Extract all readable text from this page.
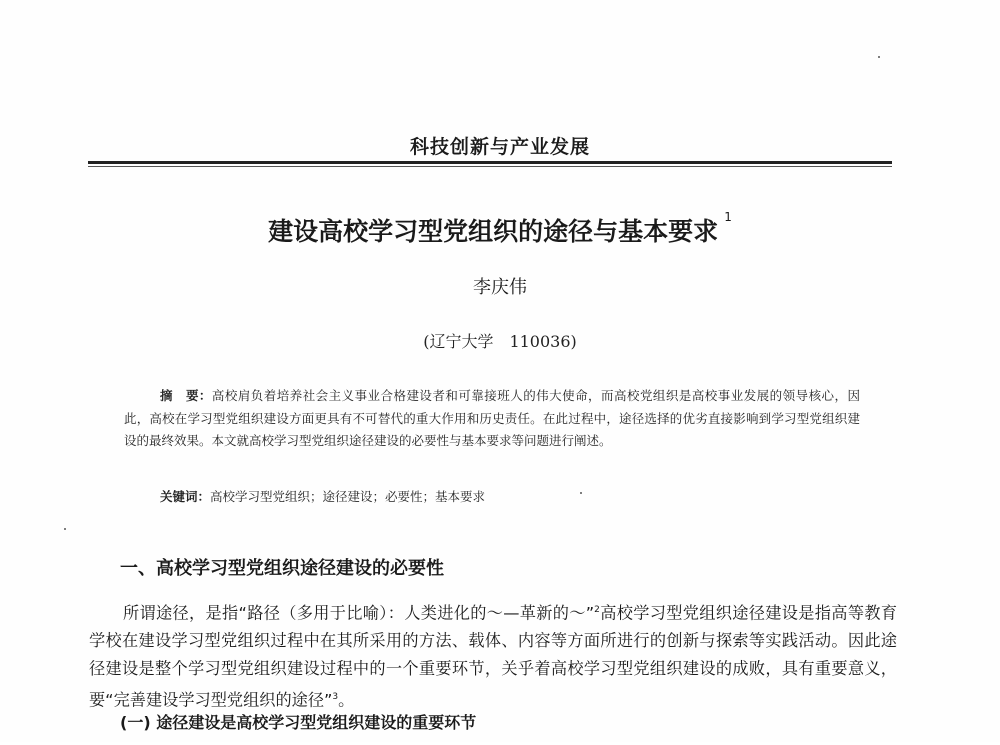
科技创新与产业发展
建设高校学习型党组织的途径与基本要求 $^1$
李庆伟
(辽宁大学　110036)
摘　要：高校肩负着培养社会主义事业合格建设者和可靠接班人的伟大使命，而高校党组织是高校事业发展的领导核心，因此，高校在学习型党组织建设方面更具有不可替代的重大作用和历史责任。在此过程中，途径选择的优劣直接影响到学习型党组织建设的最终效果。本文就高校学习型党组织途径建设的必要性与基本要求等问题进行阐述。
关键词：高校学习型党组织；途径建设；必要性；基本要求
一、高校学习型党组织途径建设的必要性
所谓途径，是指“路径（多用于比喻）：人类进化的～—革新的～”$^2$高校学习型党组织途径建设是指高等教育学校在建设学习型党组织过程中在其所采用的方法、载体、内容等方面所进行的创新与探索等实践活动。因此途径建设是整个学习型党组织建设过程中的一个重要环节，关乎着高校学习型党组织建设的成败，具有重要意义，要“完善建设学习型党组织的途径”$^3$。
(一) 途径建设是高校学习型党组织建设的重要环节
